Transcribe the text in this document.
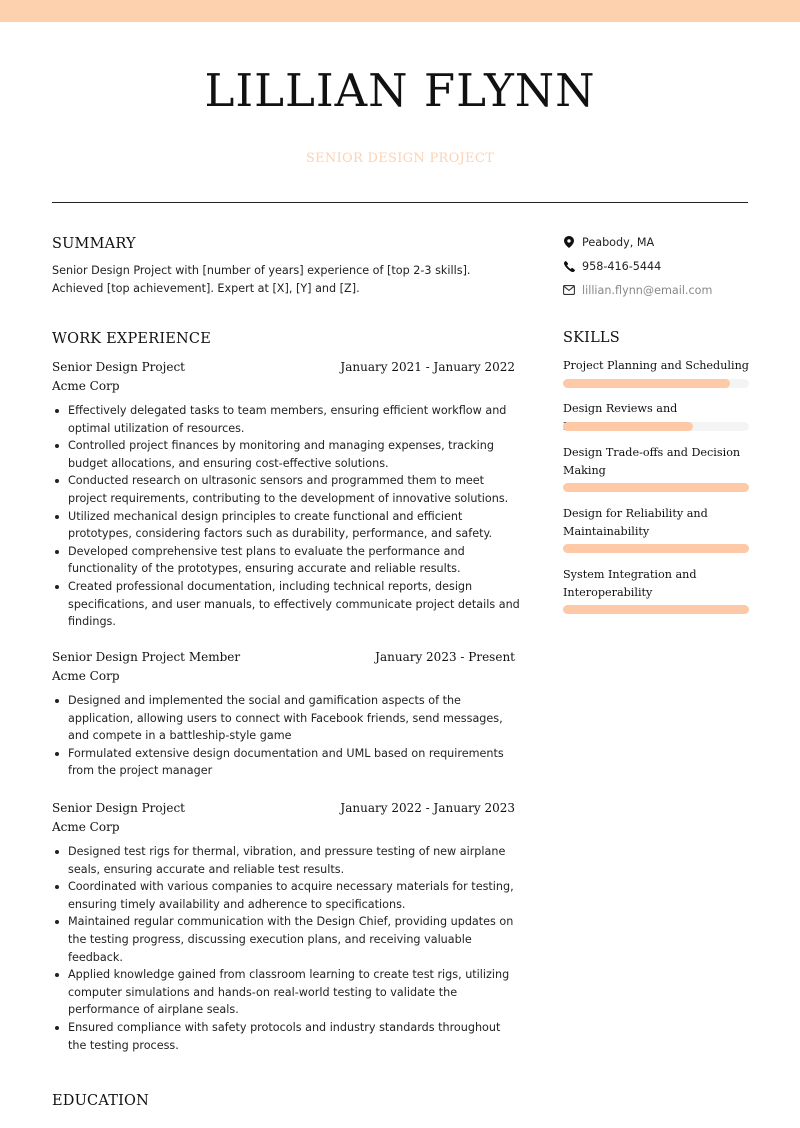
LILLIAN FLYNN
SENIOR DESIGN PROJECT
SUMMARY
Senior Design Project with [number of years] experience of [top 2-3 skills]. Achieved [top achievement]. Expert at [X], [Y] and [Z].
Peabody, MA
958-416-5444
lillian.flynn@email.com
WORK EXPERIENCE
Senior Design Project	January 2021 - January 2022
Acme Corp
Effectively delegated tasks to team members, ensuring efficient workflow and optimal utilization of resources.
Controlled project finances by monitoring and managing expenses, tracking budget allocations, and ensuring cost-effective solutions.
Conducted research on ultrasonic sensors and programmed them to meet project requirements, contributing to the development of innovative solutions.
Utilized mechanical design principles to create functional and efficient prototypes, considering factors such as durability, performance, and safety.
Developed comprehensive test plans to evaluate the performance and functionality of the prototypes, ensuring accurate and reliable results.
Created professional documentation, including technical reports, design specifications, and user manuals, to effectively communicate project details and findings.
Senior Design Project Member	January 2023 - Present
Acme Corp
Designed and implemented the social and gamification aspects of the application, allowing users to connect with Facebook friends, send messages, and compete in a battleship-style game
Formulated extensive design documentation and UML based on requirements from the project manager
Senior Design Project	January 2022 - January 2023
Acme Corp
Designed test rigs for thermal, vibration, and pressure testing of new airplane seals, ensuring accurate and reliable test results.
Coordinated with various companies to acquire necessary materials for testing, ensuring timely availability and adherence to specifications.
Maintained regular communication with the Design Chief, providing updates on the testing progress, discussing execution plans, and receiving valuable feedback.
Applied knowledge gained from classroom learning to create test rigs, utilizing computer simulations and hands-on real-world testing to validate the performance of airplane seals.
Ensured compliance with safety protocols and industry standards throughout the testing process.
EDUCATION
SKILLS
Project Planning and Scheduling
Design Reviews and
Design Trade-offs and Decision Making
Design for Reliability and Maintainability
System Integration and Interoperability
